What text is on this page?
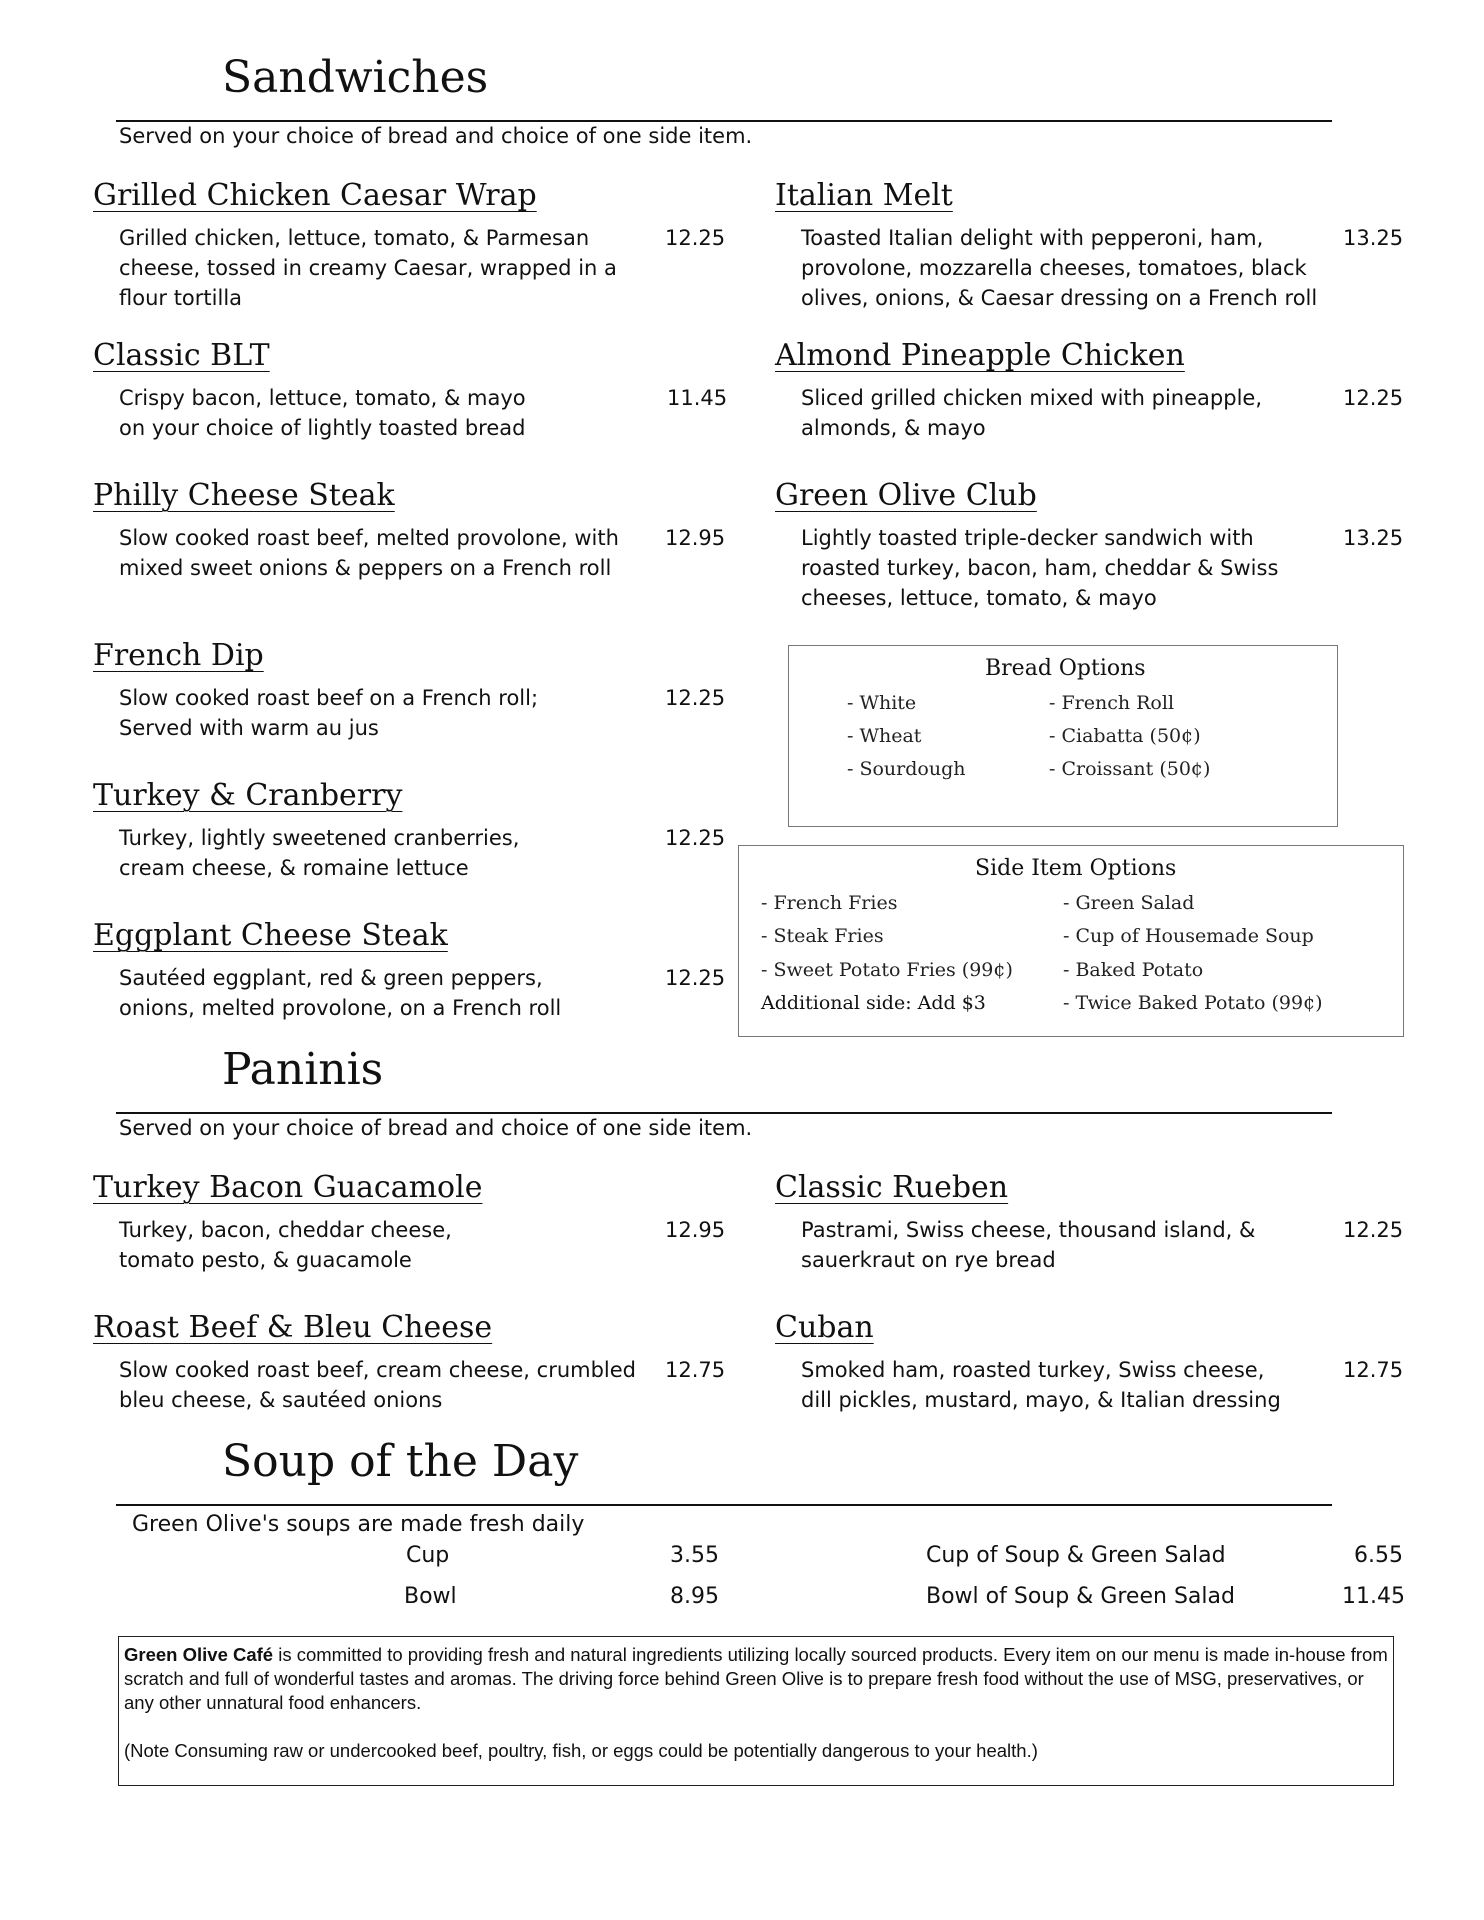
Sandwiches
Served on your choice of bread and choice of one side item.
Grilled Chicken Caesar Wrap
Grilled chicken, lettuce, tomato, & Parmesan cheese, tossed in creamy Caesar, wrapped in a flour tortilla
12.25
Classic BLT
Crispy bacon, lettuce, tomato, & mayo on your choice of lightly toasted bread
11.45
Philly Cheese Steak
Slow cooked roast beef, melted provolone, with mixed sweet onions & peppers on a French roll
12.95
French Dip
Slow cooked roast beef on a French roll; Served with warm au jus
12.25
Turkey & Cranberry
Turkey, lightly sweetened cranberries, cream cheese, & romaine lettuce
12.25
Eggplant Cheese Steak
Sautéed eggplant, red & green peppers, onions, melted provolone, on a French roll
12.25
Italian Melt
Toasted Italian delight with pepperoni, ham, provolone, mozzarella cheeses, tomatoes, black olives, onions, & Caesar dressing on a French roll
13.25
Almond Pineapple Chicken
Sliced grilled chicken mixed with pineapple, almonds, & mayo
12.25
Green Olive Club
Lightly toasted triple-decker sandwich with roasted turkey, bacon, ham, cheddar & Swiss cheeses, lettuce, tomato, & mayo
13.25
Bread Options
- White
- Wheat
- Sourdough
- French Roll
- Ciabatta (50¢)
- Croissant (50¢)
Side Item Options
- French Fries
- Steak Fries
- Sweet Potato Fries (99¢)
Additional side: Add $3
- Green Salad
- Cup of Housemade Soup
- Baked Potato
- Twice Baked Potato (99¢)
Paninis
Served on your choice of bread and choice of one side item.
Turkey Bacon Guacamole
Turkey, bacon, cheddar cheese, tomato pesto, & guacamole
12.95
Roast Beef & Bleu Cheese
Slow cooked roast beef, cream cheese, crumbled bleu cheese, & sautéed onions
12.75
Classic Rueben
Pastrami, Swiss cheese, thousand island, & sauerkraut on rye bread
12.25
Cuban
Smoked ham, roasted turkey, Swiss cheese, dill pickles, mustard, mayo, & Italian dressing
12.75
Soup of the Day
Green Olive's soups are made fresh daily
Cup	3.55
Bowl	8.95
Cup of Soup & Green Salad	6.55
Bowl of Soup & Green Salad	11.45
Green Olive Café is committed to providing fresh and natural ingredients utilizing locally sourced products. Every item on our menu is made in-house from scratch and full of wonderful tastes and aromas. The driving force behind Green Olive is to prepare fresh food without the use of MSG, preservatives, or any other unnatural food enhancers.
(Note Consuming raw or undercooked beef, poultry, fish, or eggs could be potentially dangerous to your health.)
